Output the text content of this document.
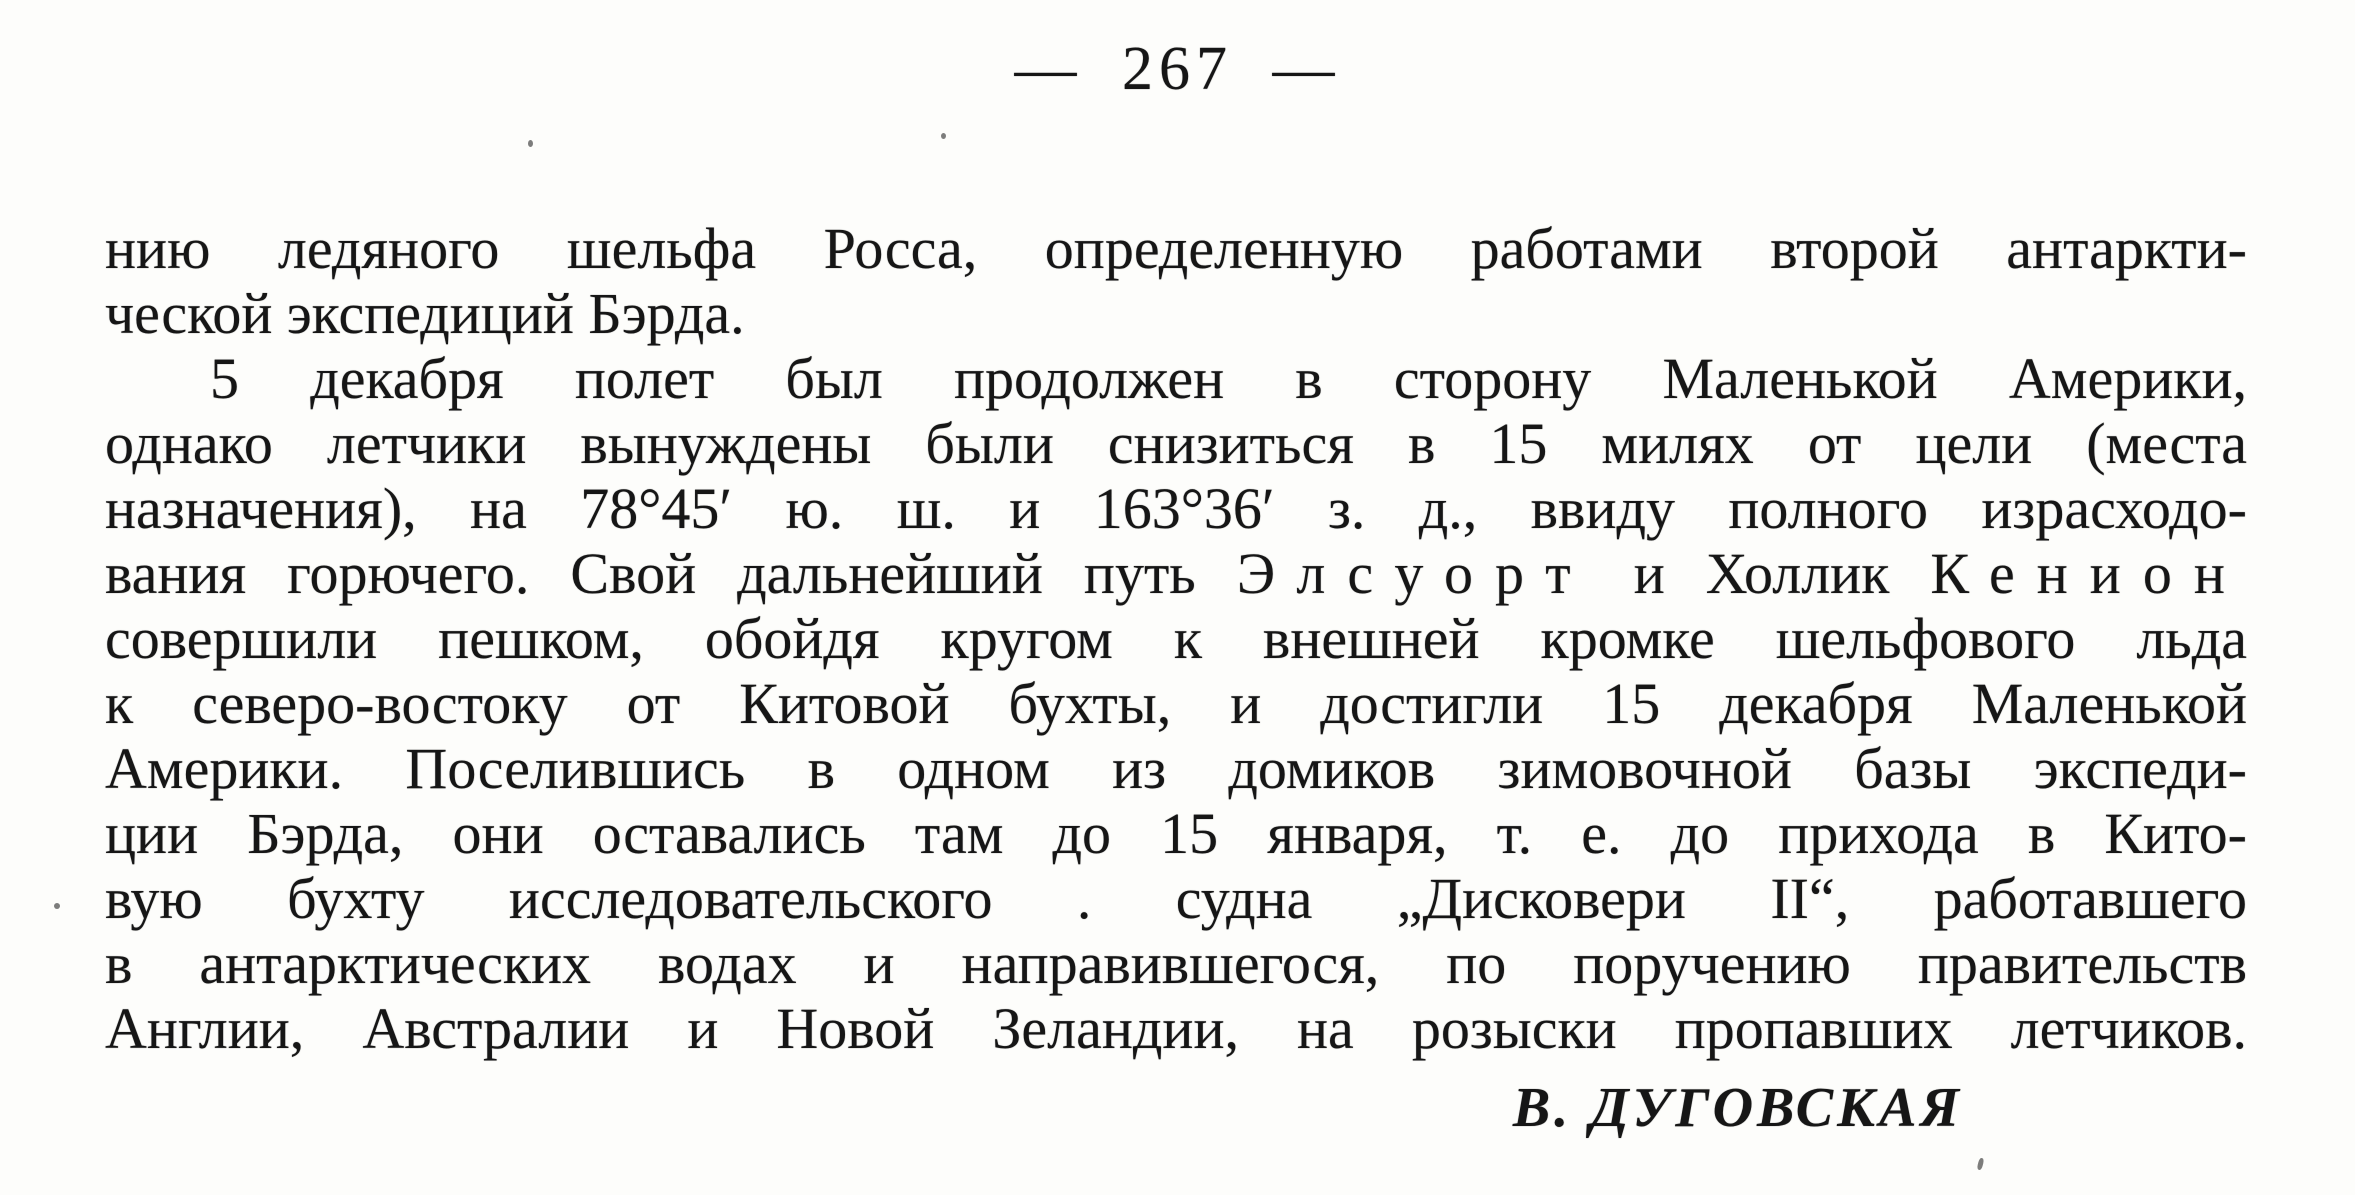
— 267 —
нию ледяного шельфа Росса, определенную работами второй антаркти-
ческой экспедиций Бэрда.
5 декабря полет был продолжен в сторону Маленькой Америки,
однако летчики вынуждены были снизиться в 15 милях от цели (места
назначения), на 78°45′ ю. ш. и 163°36′ з. д., ввиду полного израсходо-
вания горючего. Свой дальнейший путь Элсуорт и Холлик Кенион
совершили пешком, обойдя кругом к внешней кромке шельфового льда
к северо-востоку от Китовой бухты, и достигли 15 декабря Маленькой
Америки. Поселившись в одном из домиков зимовочной базы экспеди-
ции Бэрда, они оставались там до 15 января, т. е. до прихода в Кито-
вую бухту исследовательского . судна „Дисковери II“, работавшего
в антарктических водах и направившегося, по поручению правительств
Англии, Австралии и Новой Зеландии, на розыски пропавших летчиков.
В. ДУГОВСКАЯ
